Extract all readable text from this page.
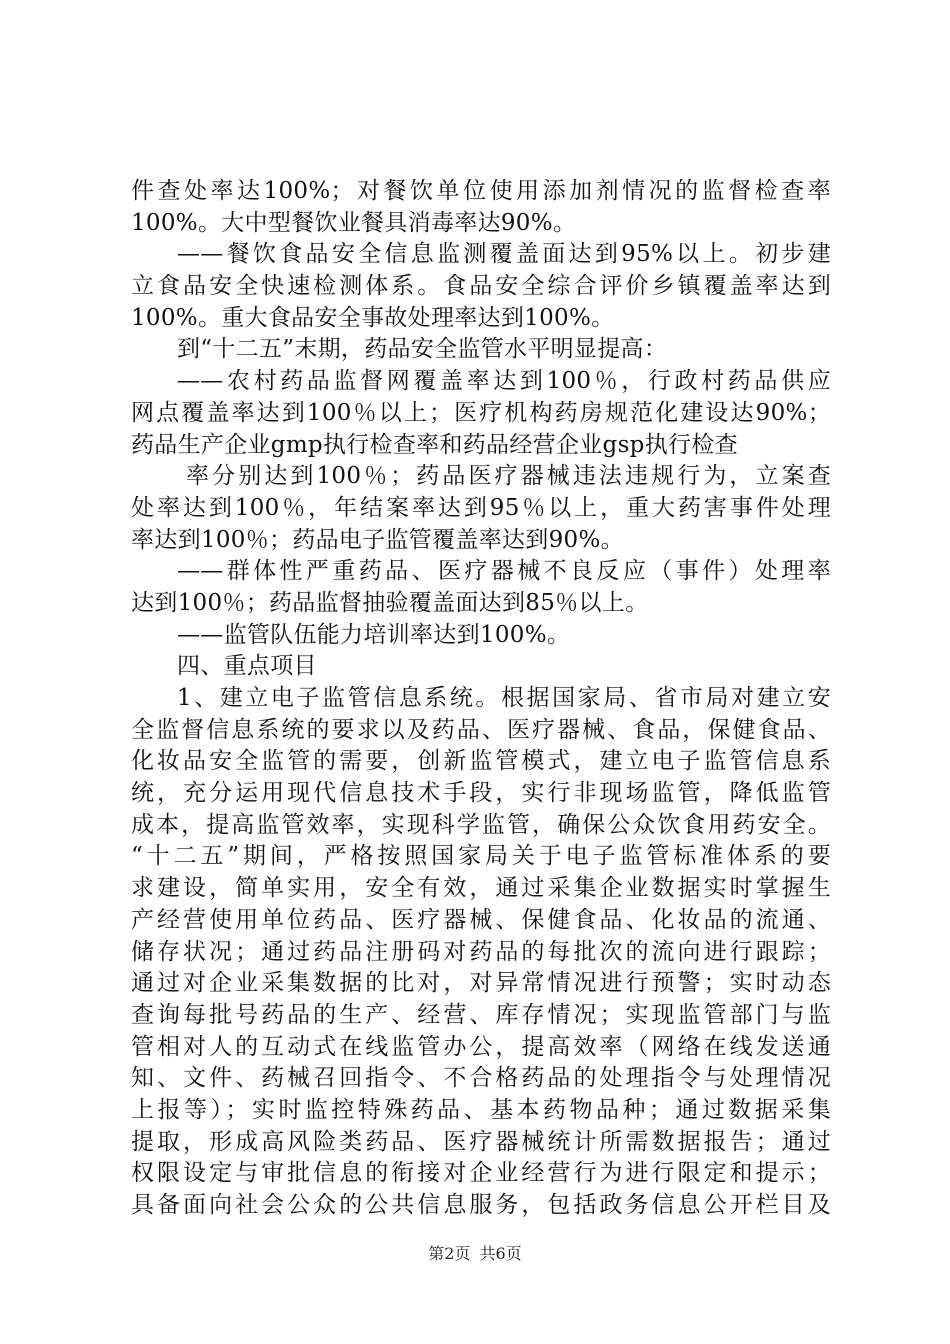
件查处率达100%；对餐饮单位使用添加剂情况的监督检查率
100%。大中型餐饮业餐具消毒率达90%。
——餐饮食品安全信息监测覆盖面达到95%以上。初步建
立食品安全快速检测体系。食品安全综合评价乡镇覆盖率达到
100%。重大食品安全事故处理率达到100%。
到“十二五”末期，药品安全监管水平明显提高：
——农村药品监督网覆盖率达到100％，行政村药品供应
网点覆盖率达到100％以上；医疗机构药房规范化建设达90%；
药品生产企业gmp执行检查率和药品经营企业gsp执行检查
率分别达到100％；药品医疗器械违法违规行为，立案查
处率达到100％，年结案率达到95％以上，重大药害事件处理
率达到100％；药品电子监管覆盖率达到90%。
——群体性严重药品、医疗器械不良反应（事件）处理率
达到100％；药品监督抽验覆盖面达到85％以上。
——监管队伍能力培训率达到100%。
四、重点项目
1、建立电子监管信息系统。根据国家局、省市局对建立安
全监督信息系统的要求以及药品、医疗器械、食品，保健食品、
化妆品安全监管的需要，创新监管模式，建立电子监管信息系
统，充分运用现代信息技术手段，实行非现场监管，降低监管
成本，提高监管效率，实现科学监管，确保公众饮食用药安全。
“十二五”期间，严格按照国家局关于电子监管标准体系的要
求建设，简单实用，安全有效，通过采集企业数据实时掌握生
产经营使用单位药品、医疗器械、保健食品、化妆品的流通、
储存状况；通过药品注册码对药品的每批次的流向进行跟踪；
通过对企业采集数据的比对，对异常情况进行预警；实时动态
查询每批号药品的生产、经营、库存情况；实现监管部门与监
管相对人的互动式在线监管办公，提高效率（网络在线发送通
知、文件、药械召回指令、不合格药品的处理指令与处理情况
上报等）；实时监控特殊药品、基本药物品种；通过数据采集
提取，形成高风险类药品、医疗器械统计所需数据报告；通过
权限设定与审批信息的衔接对企业经营行为进行限定和提示；
具备面向社会公众的公共信息服务，包括政务信息公开栏目及
第2页 共6页
